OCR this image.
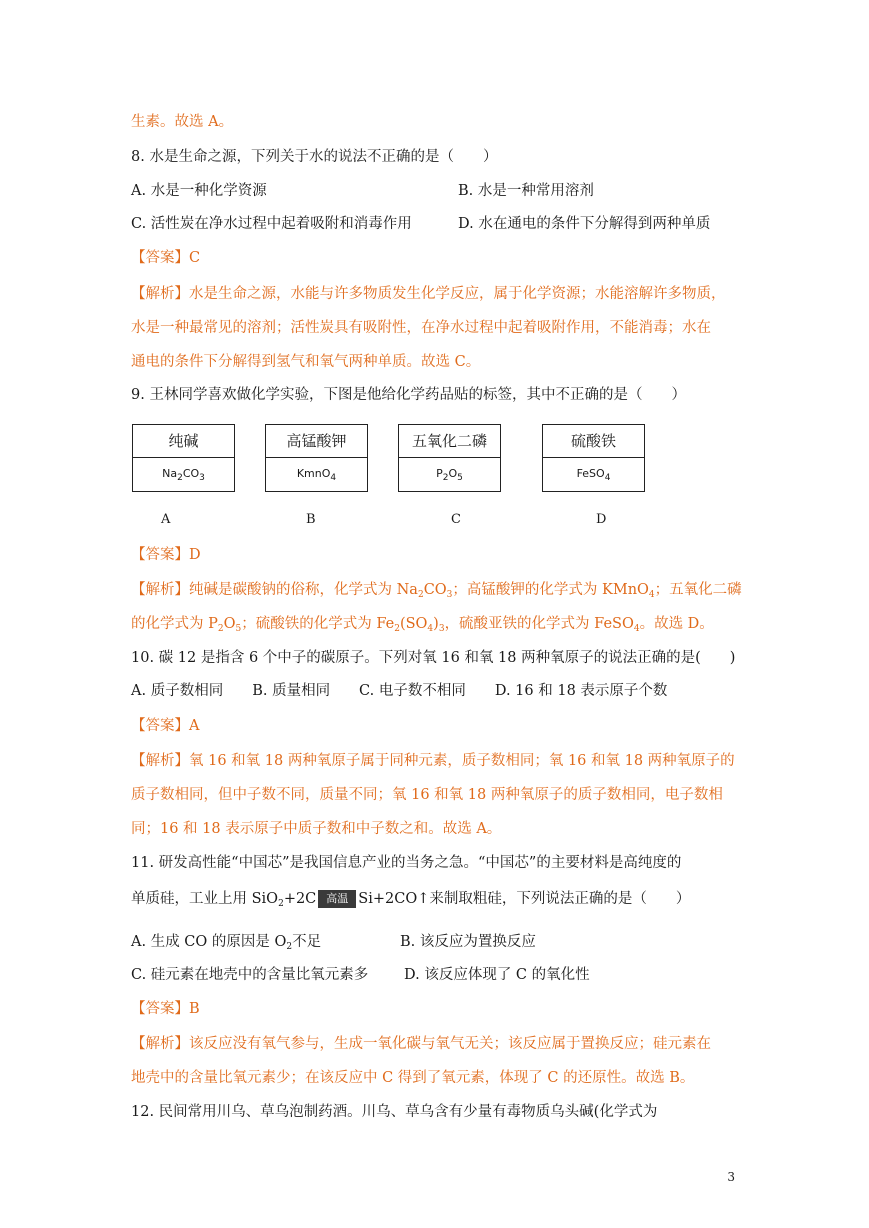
生素。故选 A。
8. 水是生命之源，下列关于水的说法不正确的是（　　）
A. 水是一种化学资源	B. 水是一种常用溶剂
C. 活性炭在净水过程中起着吸附和消毒作用	D. 水在通电的条件下分解得到两种单质
【答案】C
【解析】水是生命之源，水能与许多物质发生化学反应，属于化学资源；水能溶解许多物质，
水是一种最常见的溶剂；活性炭具有吸附性，在净水过程中起着吸附作用，不能消毒；水在
通电的条件下分解得到氢气和氧气两种单质。故选 C。
9. 王林同学喜欢做化学实验，下图是他给化学药品贴的标签，其中不正确的是（　　）
纯碱
$Na_2CO_3$
高锰酸钾
KmnO$_4$
五氧化二磷
$P_2O_5$
硫酸铁
FeSO$_4$
A	B	C	D
【答案】D
【解析】纯碱是碳酸钠的俗称，化学式为 $Na_2CO_3$；高锰酸钾的化学式为 KMnO$_4$；五氧化二磷
的化学式为 $P_2O_5$；硫酸铁的化学式为 $Fe_2(SO_4)_3$，硫酸亚铁的化学式为 FeSO$_4$。故选 D。
10. 碳 12 是指含 6 个中子的碳原子。下列对氧 16 和氧 18 两种氧原子的说法正确的是(　　)
A. 质子数相同　　B. 质量相同　　C. 电子数不相同　　D. 16 和 18 表示原子个数
【答案】A
【解析】氧 16 和氧 18 两种氧原子属于同种元素，质子数相同；氧 16 和氧 18 两种氧原子的
质子数相同，但中子数不同，质量不同；氧 16 和氧 18 两种氧原子的质子数相同，电子数相
同；16 和 18 表示原子中质子数和中子数之和。故选 A。
11. 研发高性能“中国芯”是我国信息产业的当务之急。“中国芯”的主要材料是高纯度的
单质硅，工业上用 SiO$_2$+2C 高温 Si+2CO↑来制取粗硅，下列说法正确的是（　　）
A. 生成 CO 的原因是 $O_2$不足	B. 该反应为置换反应
C. 硅元素在地壳中的含量比氧元素多 D. 该反应体现了 C 的氧化性
【答案】B
【解析】该反应没有氧气参与，生成一氧化碳与氧气无关；该反应属于置换反应；硅元素在
地壳中的含量比氧元素少；在该反应中 C 得到了氧元素，体现了 C 的还原性。故选 B。
12. 民间常用川乌、草乌泡制药酒。川乌、草乌含有少量有毒物质乌头碱(化学式为
3
